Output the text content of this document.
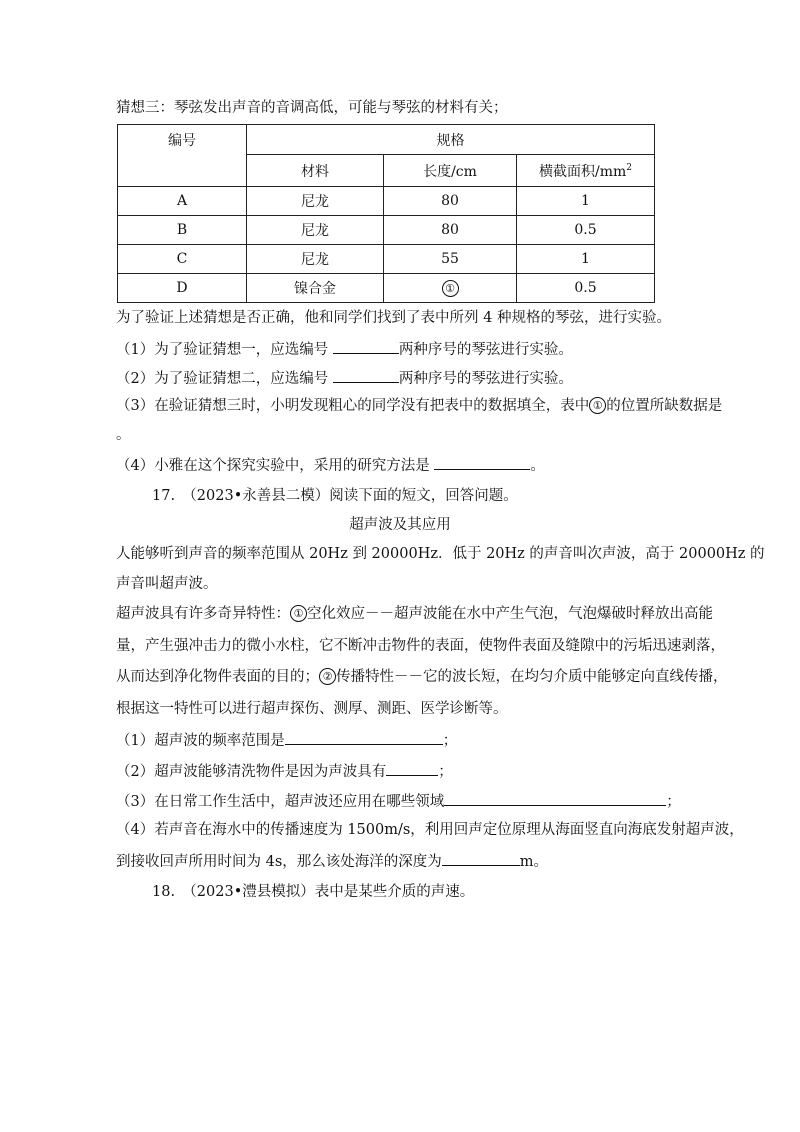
猜想三：琴弦发出声音的音调高低，可能与琴弦的材料有关；
编号	规格		
	材料	长度/cm	横截面积$/mm^2$
A	尼龙	80	1
B	尼龙	80	0.5
C	尼龙	55	1
D	镍合金	①	0.5
为了验证上述猜想是否正确，他和同学们找到了表中所列 4 种规格的琴弦，进行实验。
（1）为了验证猜想一，应选编号	两种序号的琴弦进行实验。
（2）为了验证猜想二，应选编号	两种序号的琴弦进行实验。
（3）在验证猜想三时，小明发现粗心的同学没有把表中的数据填全，表中 ① 的位置所缺数据是
。
（4）小雅在这个探究实验中，采用的研究方法是	。
17.　（2023•永善县二模）阅读下面的短文，回答问题。
超声波及其应用
人能够听到声音的频率范围从 20Hz 到 20000Hz．低于 20Hz 的声音叫次声波，高于 20000Hz 的
声音叫超声波。
超声波具有许多奇异特性： ① 空化效应－－超声波能在水中产生气泡，气泡爆破时释放出高能
量，产生强冲击力的微小水柱，它不断冲击物件的表面，使物件表面及缝隙中的污垢迅速剥落，
从而达到净化物件表面的目的； ② 传播特性－－它的波长短，在均匀介质中能够定向直线传播，
根据这一特性可以进行超声探伤、测厚、测距、医学诊断等。
（1）超声波的频率范围是	；
（2）超声波能够清洗物件是因为声波具有	；
（3）在日常工作生活中，超声波还应用在哪些领域	；
（4）若声音在海水中的传播速度为 1500m/s，利用回声定位原理从海面竖直向海底发射超声波，
到接收回声所用时间为 4s，那么该处海洋的深度为	m。
18.　（2023•澧县模拟）表中是某些介质的声速。
